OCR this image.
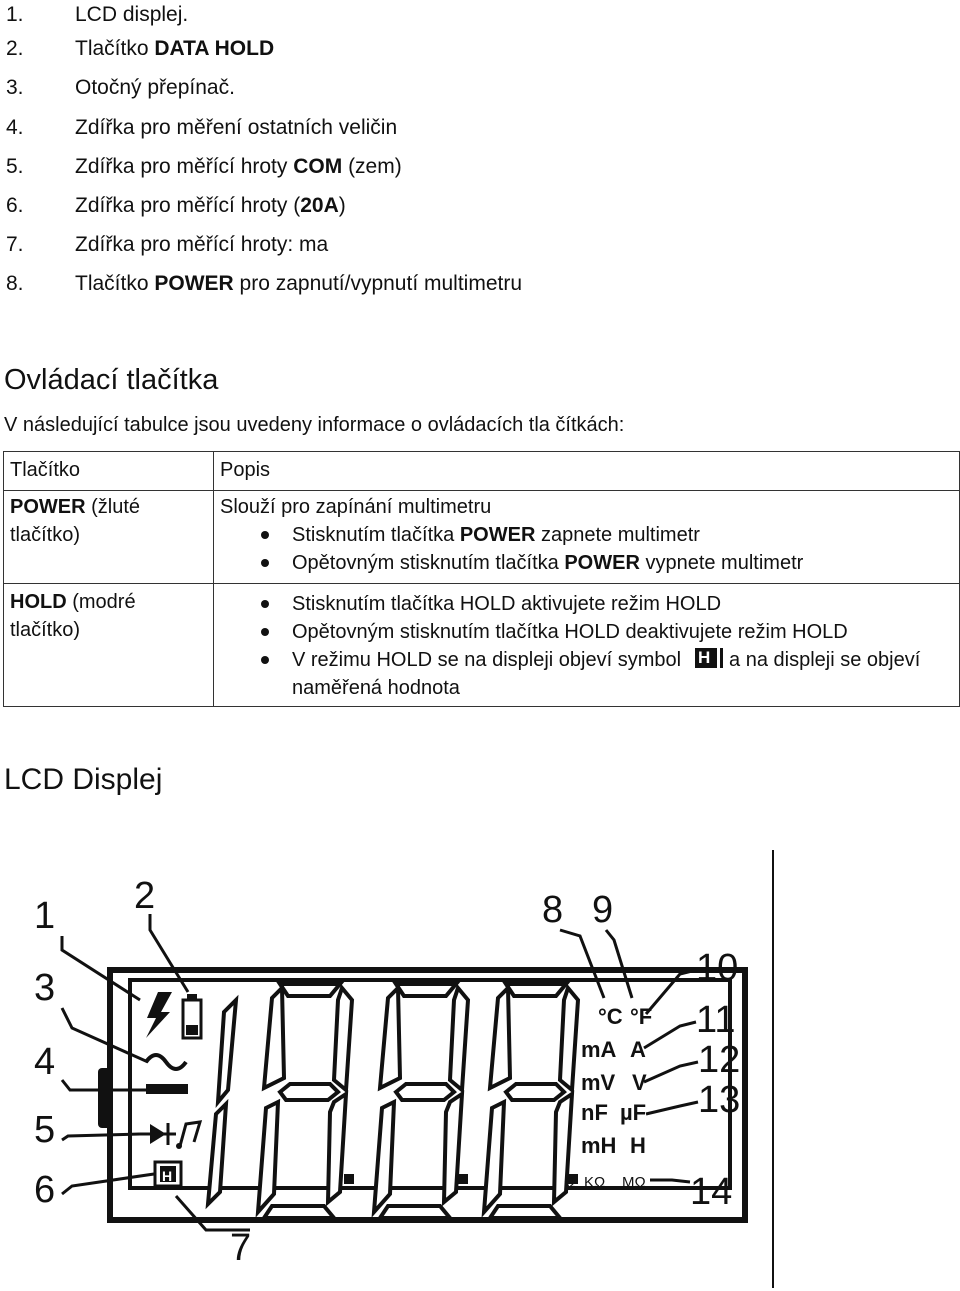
1. LCD displej.
2. Tlačítko DATA HOLD
3. Otočný přepínač.
4. Zdířka pro měření ostatních veličin
5. Zdířka pro měřící hroty COM (zem)
6. Zdířka pro měřící hroty (20A)
7. Zdířka pro měřící hroty: ma
8. Tlačítko POWER pro zapnutí/vypnutí multimetru
Ovládací tlačítka
V následující tabulce jsou uvedeny informace o ovládacích tla čítkách:
Tlačítko	Popis
POWER (žluté tlačítko)	Slouží pro zapínání multimetru
Stisknutím tlačítka POWER zapnete multimetr
Opětovným stisknutím tlačítka POWER vypnete multimetr

HOLD (modré tlačítko)	Stisknutím tlačítka HOLD aktivujete režim HOLD
Opětovným stisknutím tlačítka HOLD deaktivujete režim HOLD
V režimu HOLD se na displeji objeví symbol H a na displeji se objeví naměřená hodnota
LCD Displej
H
°C °F
mA A
mV V
nF µF
mH H
Ω KΩ MΩ
1 2
3
4
5
6
7
8 9
10
11
12
13
14
